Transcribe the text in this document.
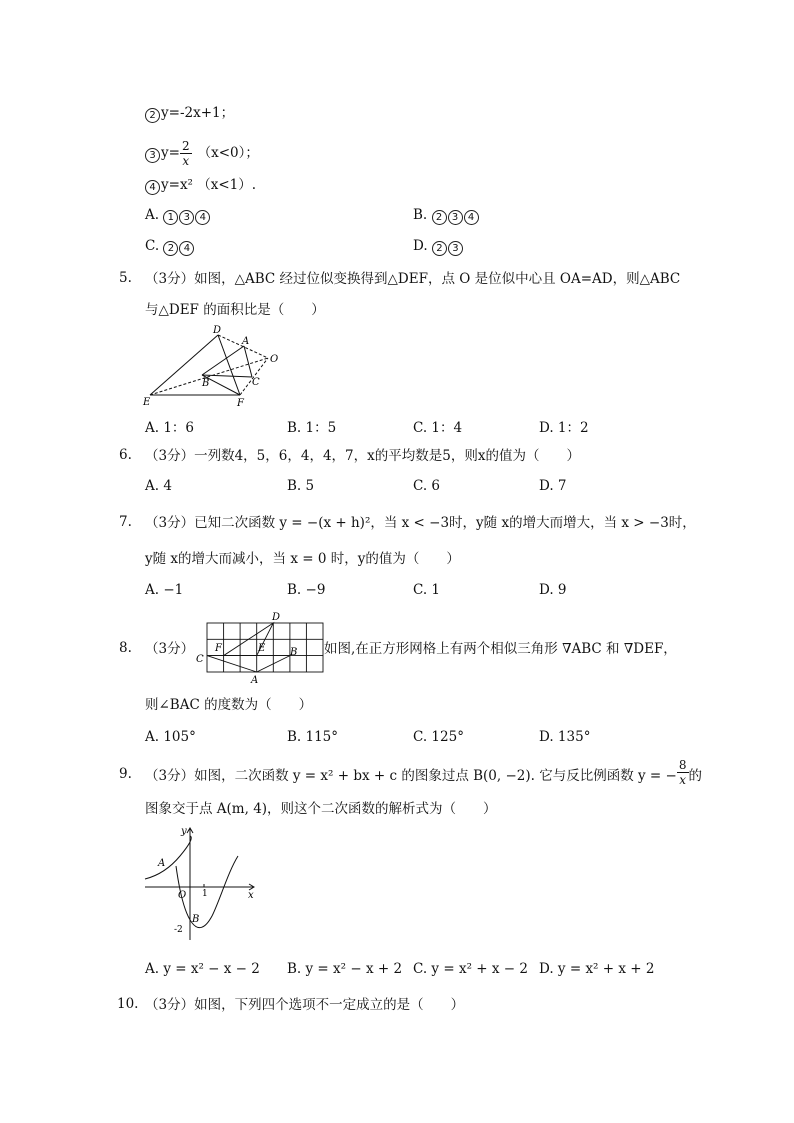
2 y=-2x+1；
3 $y= \frac{2}{x} (x<0)$；
4 y=x² （x<1）.
A. 1 3 4	B. 2 3 4
C. 2 4	D. 2 3
5. （3分）如图，△ABC 经过位似变换得到△DEF，点 O 是位似中心且 OA=AD，则△ABC
与△DEF 的面积比是（　　）
D
A
O
B	C
E	F
A. 1：6	B. 1：5	C. 1：4	D. 1：2
6. （3分）一列数4，5，6，4，4，7，x的平均数是5，则x的值为（　　）
A. 4	B. 5	C. 6	D. 7
7. （3分）已知二次函数 y = −(x + h)²，当 x < −3时，y随 x的增大而增大，当 x > −3时，
y随 x的增大而减小，当 x = 0 时，y的值为（　　）
A. −1	B. −9	C. 1	D. 9
8. （3分）
D
F	E B
C
A
如图,在正方形网格上有两个相似三角形 ∇ABC 和 ∇DEF，
则∠BAC 的度数为（　　）
A. 105°	B. 115°	C. 125°	D. 135°
9. （3分）如图，二次函数 y = x² + bx + c 的图象过点 B(0, −2). 它与反比例函数 y = − $\frac{8}{x}$ 的
图象交于点 A(m, 4)，则这个二次函数的解析式为（　　）
y
x
A
O 1
B
-2
A. y = x² − x − 2 B. y = x² − x + 2 C. y = x² + x − 2 D. y = x² + x + 2
10. （3分）如图，下列四个选项不一定成立的是（　　）
